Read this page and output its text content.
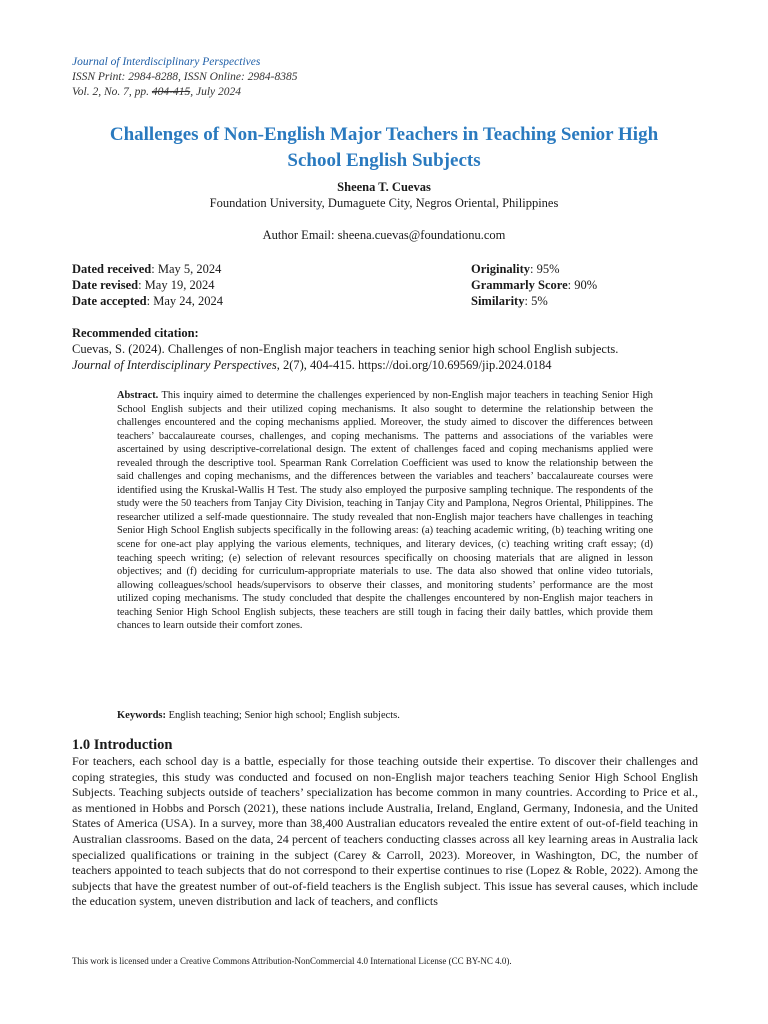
Journal of Interdisciplinary Perspectives
ISSN Print: 2984-8288, ISSN Online: 2984-8385
Vol. 2, No. 7, pp. 404-415, July 2024
Challenges of Non-English Major Teachers in Teaching Senior High School English Subjects
Sheena T. Cuevas
Foundation University, Dumaguete City, Negros Oriental, Philippines
Author Email: sheena.cuevas@foundationu.com
Dated received: May 5, 2024
Date revised: May 19, 2024
Date accepted: May 24, 2024
Originality: 95%
Grammarly Score: 90%
Similarity: 5%
Recommended citation:
Cuevas, S. (2024). Challenges of non-English major teachers in teaching senior high school English subjects.
Journal of Interdisciplinary Perspectives, 2(7), 404-415. https://doi.org/10.69569/jip.2024.0184
Abstract. This inquiry aimed to determine the challenges experienced by non-English major teachers in teaching Senior High School English subjects and their utilized coping mechanisms. It also sought to determine the relationship between the challenges encountered and the coping mechanisms applied. Moreover, the study aimed to discover the differences between teachers’ baccalaureate courses, challenges, and coping mechanisms. The patterns and associations of the variables were ascertained by using descriptive-correlational design. The extent of challenges faced and coping mechanisms applied were revealed through the descriptive tool. Spearman Rank Correlation Coefficient was used to know the relationship between the said challenges and coping mechanisms, and the differences between the variables and teachers’ baccalaureate courses were identified using the Kruskal-Wallis H Test. The study also employed the purposive sampling technique. The respondents of the study were the 50 teachers from Tanjay City Division, teaching in Tanjay City and Pamplona, Negros Oriental, Philippines. The researcher utilized a self-made questionnaire. The study revealed that non-English major teachers have challenges in teaching Senior High School English subjects specifically in the following areas: (a) teaching academic writing, (b) teaching writing one scene for one-act play applying the various elements, techniques, and literary devices, (c) teaching writing craft essay; (d) teaching speech writing; (e) selection of relevant resources specifically on choosing materials that are aligned in lesson objectives; and (f) deciding for curriculum-appropriate materials to use. The data also showed that online video tutorials, allowing colleagues/school heads/supervisors to observe their classes, and monitoring students’ performance are the most utilized coping mechanisms. The study concluded that despite the challenges encountered by non-English major teachers in teaching Senior High School English subjects, these teachers are still tough in facing their daily battles, which provide them chances to learn outside their comfort zones.
Keywords: English teaching; Senior high school; English subjects.
1.0 Introduction
For teachers, each school day is a battle, especially for those teaching outside their expertise. To discover their challenges and coping strategies, this study was conducted and focused on non-English major teachers teaching Senior High School English Subjects. Teaching subjects outside of teachers’ specialization has become common in many countries. According to Price et al., as mentioned in Hobbs and Porsch (2021), these nations include Australia, Ireland, England, Germany, Indonesia, and the United States of America (USA). In a survey, more than 38,400 Australian educators revealed the entire extent of out-of-field teaching in Australian classrooms. Based on the data, 24 percent of teachers conducting classes across all key learning areas in Australia lack specialized qualifications or training in the subject (Carey & Carroll, 2023). Moreover, in Washington, DC, the number of teachers appointed to teach subjects that do not correspond to their expertise continues to rise (Lopez & Roble, 2022). Among the subjects that have the greatest number of out-of-field teachers is the English subject. This issue has several causes, which include the education system, uneven distribution and lack of teachers, and conflicts
This work is licensed under a Creative Commons Attribution-NonCommercial 4.0 International License (CC BY-NC 4.0).
